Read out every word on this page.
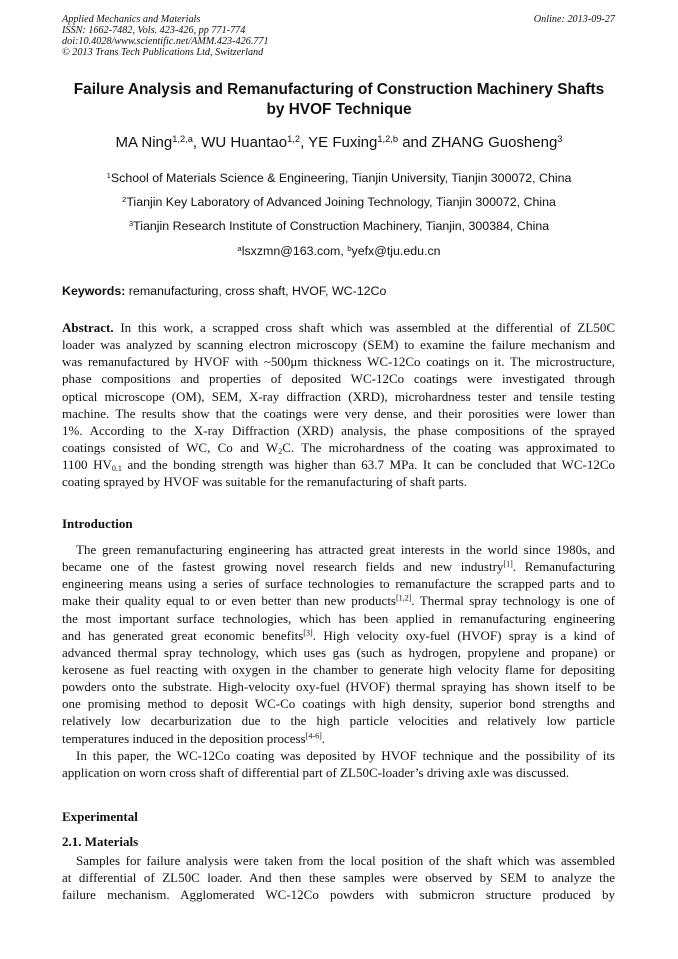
Applied Mechanics and Materials
ISSN: 1662-7482, Vols. 423-426, pp 771-774
doi:10.4028/www.scientific.net/AMM.423-426.771
© 2013 Trans Tech Publications Ltd, Switzerland
Online: 2013-09-27
Failure Analysis and Remanufacturing of Construction Machinery Shafts
by HVOF Technique
MA Ning$^{1,2,a}$, WU Huantao$^{1,2}$, YE Fuxing$^{1,2,b}$ and ZHANG Guosheng$^3$
$^1$School of Materials Science & Engineering, Tianjin University, Tianjin 300072, China
$^2$Tianjin Key Laboratory of Advanced Joining Technology, Tianjin 300072, China
$^3$Tianjin Research Institute of Construction Machinery, Tianjin, 300384, China
$^a$lsxzmn@163.com, $^b$yefx@tju.edu.cn
Keywords: remanufacturing, cross shaft, HVOF, WC-12Co
Abstract. In this work, a scrapped cross shaft which was assembled at the differential of ZL50C
loader was analyzed by scanning electron microscopy (SEM) to examine the failure mechanism and
was remanufactured by HVOF with ~500μm thickness WC-12Co coatings on it. The microstructure,
phase compositions and properties of deposited WC-12Co coatings were investigated through
optical microscope (OM), SEM, X-ray diffraction (XRD), microhardness tester and tensile testing
machine. The results show that the coatings were very dense, and their porosities were lower than
1%. According to the X-ray Diffraction (XRD) analysis, the phase compositions of the sprayed
coatings consisted of WC, Co and $W_2C$. The microhardness of the coating was approximated to
1100 $HV_{0.1}$ and the bonding strength was higher than 63.7 MPa. It can be concluded that WC-12Co
coating sprayed by HVOF was suitable for the remanufacturing of shaft parts.
Introduction
The green remanufacturing engineering has attracted great interests in the world since 1980s, and
became one of the fastest growing novel research fields and new industry[1]. Remanufacturing
engineering means using a series of surface technologies to remanufacture the scrapped parts and to
make their quality equal to or even better than new products[1,2]. Thermal spray technology is one of
the most important surface technologies, which has been applied in remanufacturing engineering
and has generated great economic benefits[3]. High velocity oxy-fuel (HVOF) spray is a kind of
advanced thermal spray technology, which uses gas (such as hydrogen, propylene and propane) or
kerosene as fuel reacting with oxygen in the chamber to generate high velocity flame for depositing
powders onto the substrate. High-velocity oxy-fuel (HVOF) thermal spraying has shown itself to be
one promising method to deposit WC-Co coatings with high density, superior bond strengths and
relatively low decarburization due to the high particle velocities and relatively low particle
temperatures induced in the deposition process[4-6].
In this paper, the WC-12Co coating was deposited by HVOF technique and the possibility of its
application on worn cross shaft of differential part of ZL50C-loader’s driving axle was discussed.
Experimental
2.1. Materials
Samples for failure analysis were taken from the local position of the shaft which was assembled
at differential of ZL50C loader. And then these samples were observed by SEM to analyze the
failure mechanism. Agglomerated WC-12Co powders with submicron structure produced by
